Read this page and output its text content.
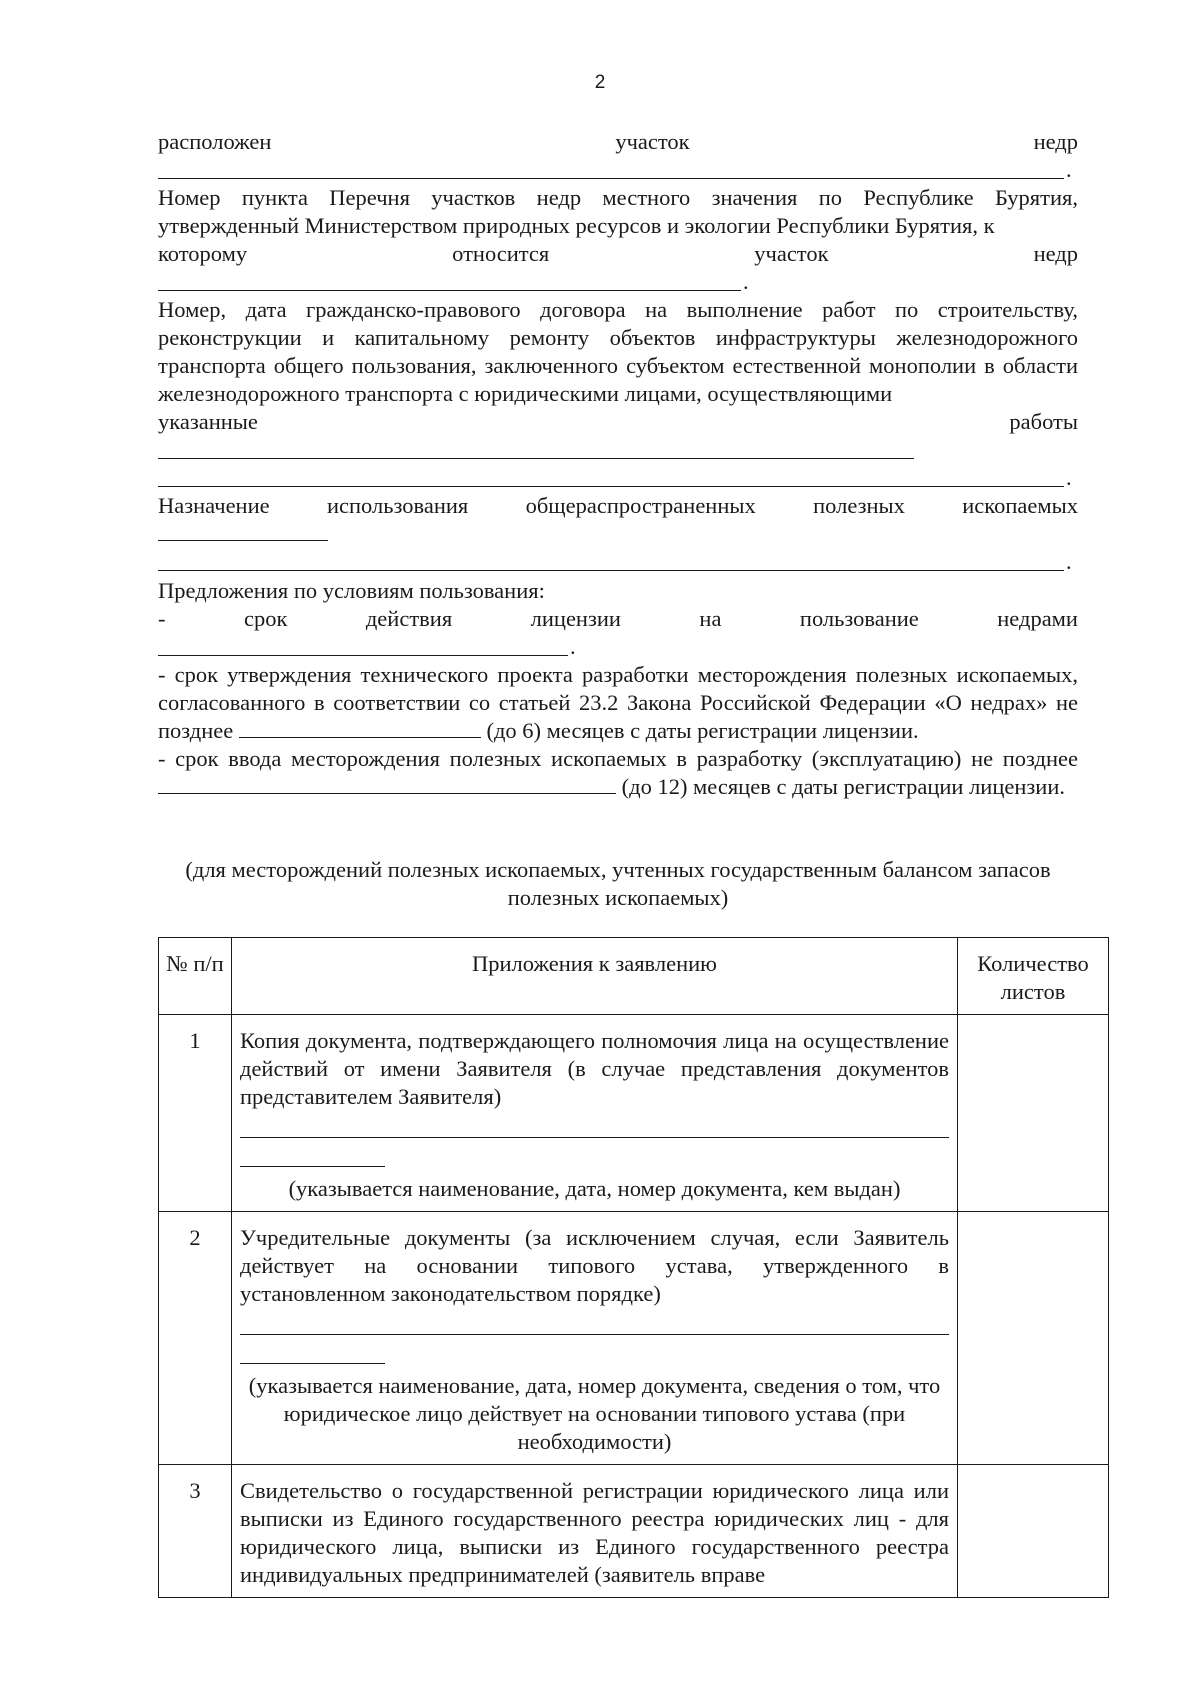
2
расположен	участок	недр
.
Номер пункта Перечня участков недр местного значения по Республике Бурятия, утвержденный Министерством природных ресурсов и экологии Республики Бурятия, к
которому	относится	участок	недр
.
Номер, дата гражданско-правового договора на выполнение работ по строительству, реконструкции и капитальному ремонту объектов инфраструктуры железнодорожного транспорта общего пользования, заключенного субъектом естественной монополии в области железнодорожного транспорта с юридическими лицами, осуществляющими
указанные	работы
.
Назначение	использования	общераспространенных	полезных	ископаемых
.
Предложения по условиям пользования:
-	срок	действия	лицензии	на	пользование	недрами
.
- срок утверждения технического проекта разработки месторождения полезных ископаемых, согласованного в соответствии со статьей 23.2 Закона Российской Федерации «О недрах» не позднее	(до 6) месяцев с даты регистрации лицензии.
- срок ввода месторождения полезных ископаемых в разработку (эксплуатацию) не позднее  (до 12) месяцев с даты регистрации лицензии.
(для месторождений полезных ископаемых, учтенных государственным балансом запасов полезных ископаемых)
№ п/п	Приложения к заявлению	Количество листов
1	Копия документа, подтверждающего полномочия лица на осуществление действий от имени Заявителя (в случае представления документов представителем Заявителя)
(указывается наименование, дата, номер документа, кем выдан)	

2	Учредительные документы (за исключением случая, если Заявитель действует на основании типового устава, утвержденного в установленном законодательством порядке)
(указывается наименование, дата, номер документа, сведения о том, что юридическое лицо действует на основании типового устава (при необходимости)	

3	Свидетельство о государственной регистрации юридического лица или выписки из Единого государственного реестра юридических лиц - для юридического лица, выписки из Единого государственного реестра индивидуальных предпринимателей (заявитель вправе	
